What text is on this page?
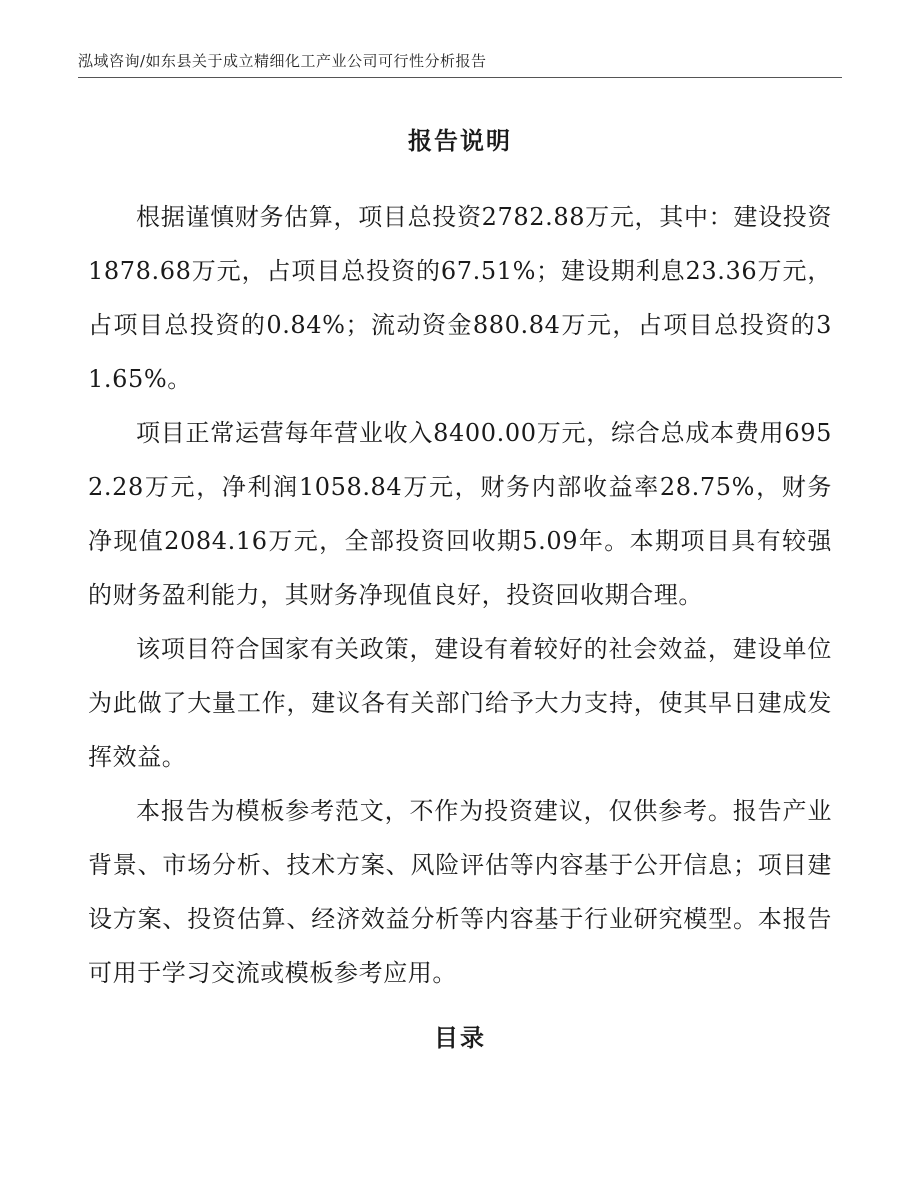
泓域咨询/如东县关于成立精细化工产业公司可行性分析报告
报告说明

根据谨慎财务估算，项目总投资2782.88万元，其中：建设投资1878.68万元，占项目总投资的67.51%；建设期利息23.36万元，占项目总投资的0.84%；流动资金880.84万元，占项目总投资的31.65%。

项目正常运营每年营业收入8400.00万元，综合总成本费用6952.28万元，净利润1058.84万元，财务内部收益率28.75%，财务净现值2084.16万元，全部投资回收期5.09年。本期项目具有较强的财务盈利能力，其财务净现值良好，投资回收期合理。

该项目符合国家有关政策，建设有着较好的社会效益，建设单位为此做了大量工作，建议各有关部门给予大力支持，使其早日建成发挥效益。

本报告为模板参考范文，不作为投资建议，仅供参考。报告产业背景、市场分析、技术方案、风险评估等内容基于公开信息；项目建设方案、投资估算、经济效益分析等内容基于行业研究模型。本报告可用于学习交流或模板参考应用。

目录
